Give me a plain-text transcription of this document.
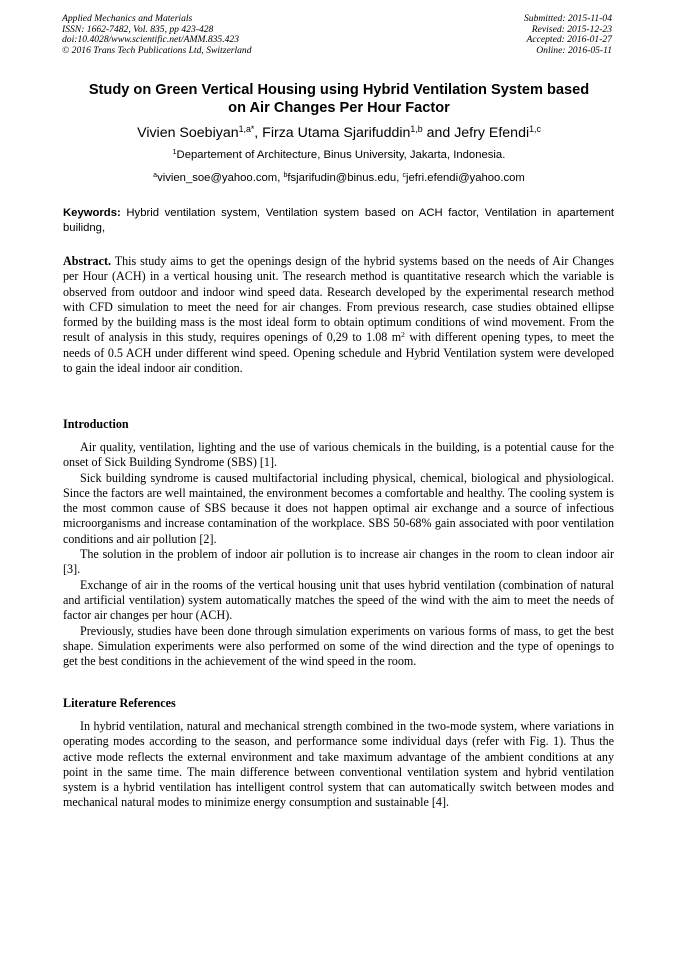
Applied Mechanics and Materials
ISSN: 1662-7482, Vol. 835, pp 423-428
doi:10.4028/www.scientific.net/AMM.835.423
© 2016 Trans Tech Publications Ltd, Switzerland
Submitted: 2015-11-04
Revised: 2015-12-23
Accepted: 2016-01-27
Online: 2016-05-11
Study on Green Vertical Housing using Hybrid Ventilation System based
on Air Changes Per Hour Factor
Vivien Soebiyan$^{1,a*}$, Firza Utama Sjarifuddin$^{1,b}$ and Jefry Efendi$^{1,c}$
$^1$Departement of Architecture, Binus University, Jakarta, Indonesia.
$^a$vivien_soe@yahoo.com, $^b$fsjarifudin@binus.edu, $^c$jefri.efendi@yahoo.com
Keywords: Hybrid ventilation system, Ventilation system based on ACH factor, Ventilation in apartement builidng,
Abstract. This study aims to get the openings design of the hybrid systems based on the needs of Air Changes per Hour (ACH) in a vertical housing unit. The research method is quantitative research which the variable is observed from outdoor and indoor wind speed data. Research developed by the experimental research method with CFD simulation to meet the need for air changes. From previous research, case studies obtained ellipse formed by the building mass is the most ideal form to obtain optimum conditions of wind movement. From the result of analysis in this study, requires openings of 0,29 to 1.08 $m^2$ with different opening types, to meet the needs of 0.5 ACH under different wind speed. Opening schedule and Hybrid Ventilation system were developed to gain the ideal indoor air condition.
Introduction

Air quality, ventilation, lighting and the use of various chemicals in the building, is a potential cause for the onset of Sick Building Syndrome (SBS) [1].

Sick building syndrome is caused multifactorial including physical, chemical, biological and physiological. Since the factors are well maintained, the environment becomes a comfortable and healthy. The cooling system is the most common cause of SBS because it does not happen optimal air exchange and a source of infectious microorganisms and increase contamination of the workplace. SBS 50-68% gain associated with poor ventilation conditions and air pollution [2].

The solution in the problem of indoor air pollution is to increase air changes in the room to clean indoor air [3].

Exchange of air in the rooms of the vertical housing unit that uses hybrid ventilation (combination of natural and artificial ventilation) system automatically matches the speed of the wind with the aim to meet the needs of factor air changes per hour (ACH).

Previously, studies have been done through simulation experiments on various forms of mass, to get the best shape. Simulation experiments were also performed on some of the wind direction and the type of openings to get the best conditions in the achievement of the wind speed in the room.

Literature References

In hybrid ventilation, natural and mechanical strength combined in the two-mode system, where variations in operating modes according to the season, and performance some individual days (refer with Fig. 1). Thus the active mode reflects the external environment and take maximum advantage of the ambient conditions at any point in the same time. The main difference between conventional ventilation system and hybrid ventilation system is a hybrid ventilation has intelligent control system that can automatically switch between modes and mechanical natural modes to minimize energy consumption and sustainable [4].
